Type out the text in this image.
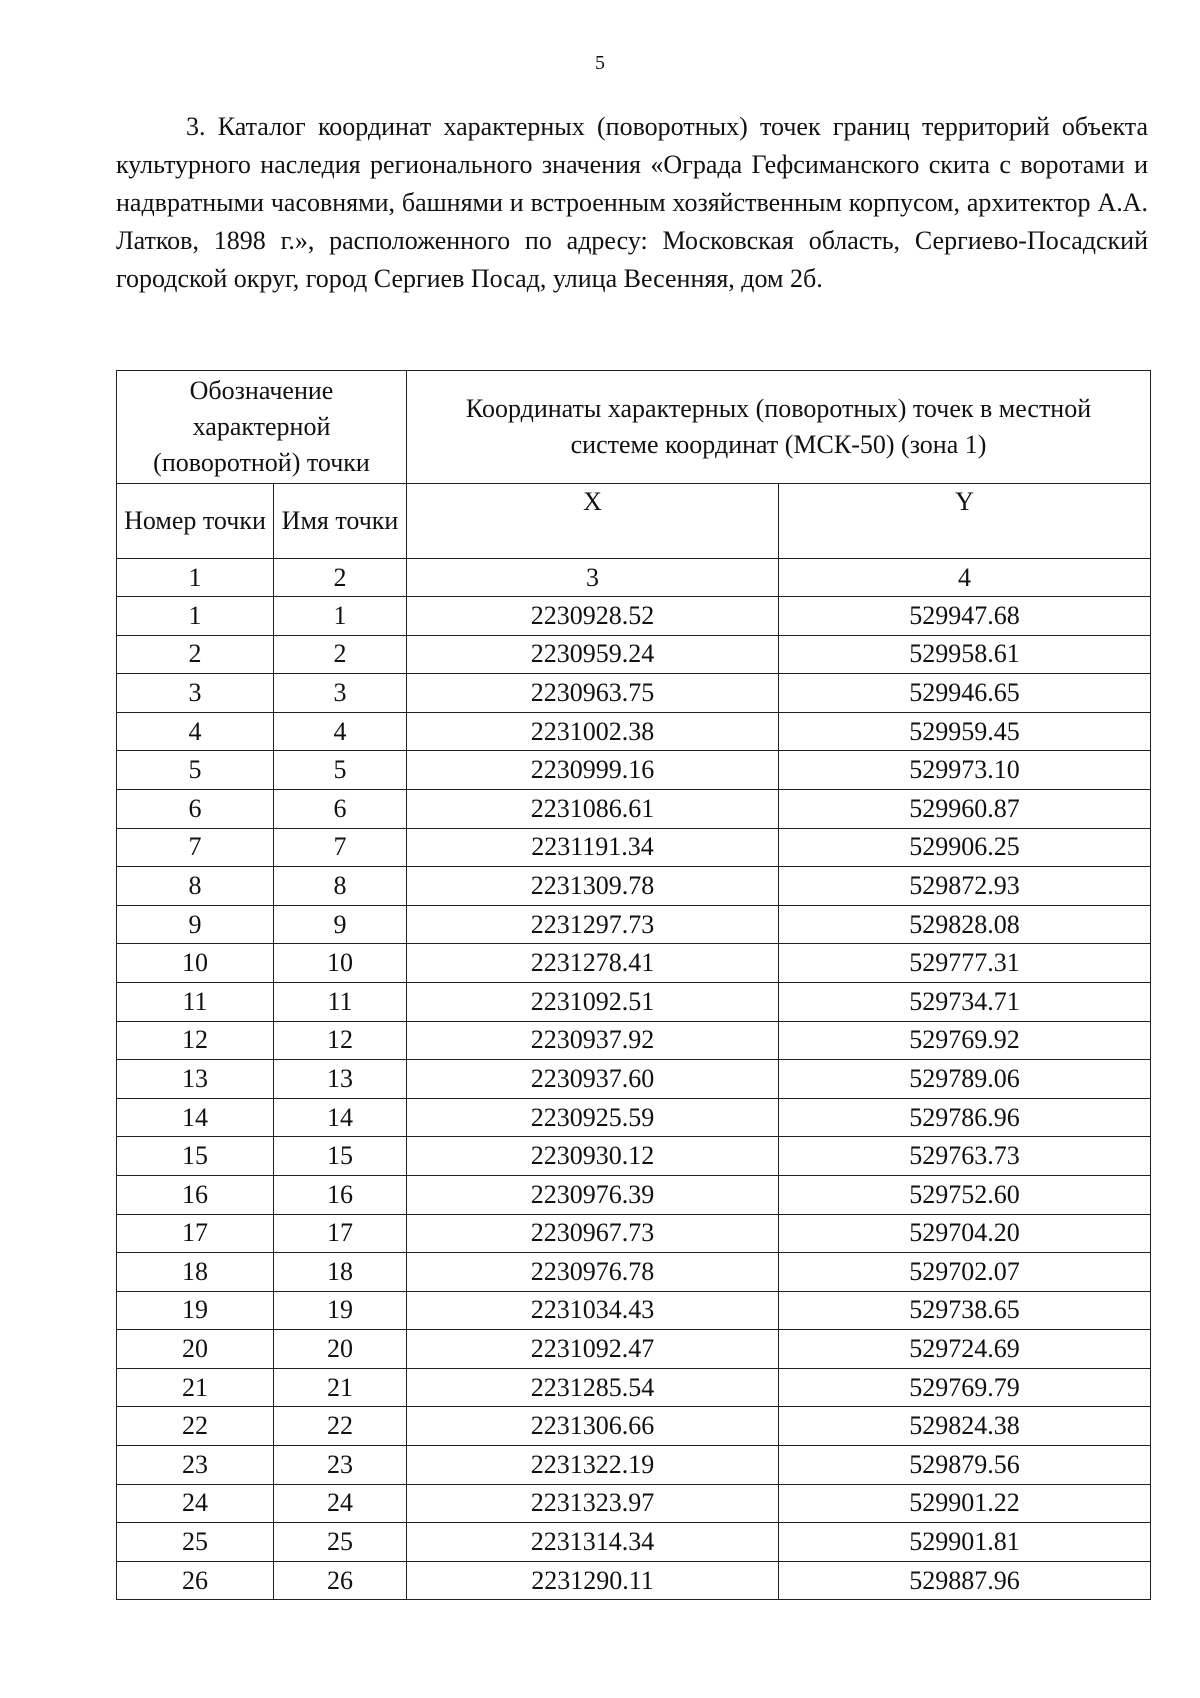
5
3. Каталог координат характерных (поворотных) точек границ территорий объекта культурного наследия регионального значения «Ограда Гефсиманского скита с воротами и надвратными часовнями, башнями и встроенным хозяйственным корпусом, архитектор А.А. Латков, 1898 г.», расположенного по адресу: Московская область, Сергиево-Посадский городской округ, город Сергиев Посад, улица Весенняя, дом 2б.
Обозначение характерной (поворотной) точки		Координаты характерных (поворотных) точек в местной системе координат (МСК-50) (зона 1)	
Номер точки	Имя точки	X	Y
1	2	3	4
1	1	2230928.52	529947.68
2	2	2230959.24	529958.61
3	3	2230963.75	529946.65
4	4	2231002.38	529959.45
5	5	2230999.16	529973.10
6	6	2231086.61	529960.87
7	7	2231191.34	529906.25
8	8	2231309.78	529872.93
9	9	2231297.73	529828.08
10	10	2231278.41	529777.31
11	11	2231092.51	529734.71
12	12	2230937.92	529769.92
13	13	2230937.60	529789.06
14	14	2230925.59	529786.96
15	15	2230930.12	529763.73
16	16	2230976.39	529752.60
17	17	2230967.73	529704.20
18	18	2230976.78	529702.07
19	19	2231034.43	529738.65
20	20	2231092.47	529724.69
21	21	2231285.54	529769.79
22	22	2231306.66	529824.38
23	23	2231322.19	529879.56
24	24	2231323.97	529901.22
25	25	2231314.34	529901.81
26	26	2231290.11	529887.96
